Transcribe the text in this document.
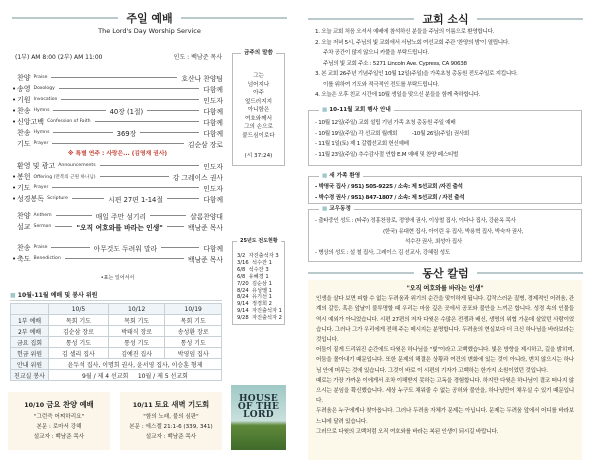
주일 예배
The Lord's Day Worship Service
(1부) AM 8:00 (2부) AM 11:00	인도 : 백남준 목사
찬양 Praise	호산나 찬양팀
• 송영 Doxology	다함께
• 기원 Invocation	인도자
• 찬송 Hymns	40장 (1절)	다함께
• 신앙고백 Confession of Faith	다함께
찬송 Hymns	369장	다함께
기도 Prayer	김순삼 장로
※ 특별 연주 : 사랑은... (김영재 권사)
환영 및 광고 Announcements	인도자
• 봉헌 Offering (만복의 근원 하나님)	강 그레이스 권사
• 기도 Prayer	인도자
• 성경봉독 Scripture	시편 27편 1-14절	다함께
찬양 Anthem	매일 주만 섬기리	샬롬찬양대
설교 Sermon	"오직 여호와를 바라는 인생"	백남준 목사
찬송 Praise	아무것도 두려워 말라	다함께
• 축도 Benediction	백남준 목사
•표는 일어서서
금주의 말씀
그는
넘어지나
아주
엎드러지지
아니함은
여호와께서
그의 손으로
붙드심이로다
(시 37:24)
25년도 전도현황
3/2  자진출석자 3
3/16  석수잔 1
6/8  석수잔 3
6/8  유혜경 1
7/20  김순삼 1
8/24  유성멜 1
8/24  유기선 1
9/14  정경희 2
9/14  자진출석자 1
9/28  자진출석자 2
■ 10월-11월 예배 및 봉사 위원
	10/5	10/12	10/19
1부 예배	목회 기도	목회 기도	목회 기도
2부 예배	김순삼 장로	박태식 장로	송성환 장로
금요 집회	통성 기도	통성 기도	통성 기도
헌금 위원	김 셀리 집사	김예진 집사	박영임 집사
안내 위원	윤두석 집사, 이명희 권사, 윤서영 집사, 이승훈 형제		
친교실 봉사	9월 / 제 4 선교회     10월 / 제 5 선교회		
10/10 금요 찬양 예배
"그런즉 어찌하리요"
본문 : 로마서 강해
설교자 : 백남준 목사
10/11 토요 새벽 기도회
"함의 노래, 불의 심판"
본문 : 에스겔 21:1-6 (339, 341)
설교자 : 백남준 목사
HOUSE OF THE LORD
교회 소식
1. 오늘 교회 처음 오셔서 예배에 참석하신 분들을 주님의 이름으로 환영합니다.
2. 오늘 저녁 5시, 주님의 빛 교회에서 서남노회 여선교회 주관 '찬양의 밤'이 열립니다.
주차 공간이 많지 않으니 카풀을 부탁드립니다.
주님의 빛 교회 주소 : 5271 Lincoln Ave. Cypress, CA 90638
3. 본 교회 26주년 기념주일인 10월 12일(주일)을 가족초청 총동원 전도주일로 지킵니다.
이를 위하여 기도와 적극적인 전도를 부탁드립니다.
4. 오늘은 오후 친교 시간에 10월 생일을 맞으신 분들을 함께 축하합니다.
■ 10-11월 교회 행사 안내
- 10월 12일(주일) 교회 설립 기념 가족 초청 총동원 주일 예배
- 10월 19일(주일) 각 선교회 월례회          -10월 26일(주일) 권사회
- 11월 1일(토) 제 1 갈렙선교회 헌신예배
- 11월 23일(주일) 추수감사절 연합 E.M 예배 및 찬양 페스티벌
■ 새 가족 환영
- 박명국 집사 / 951) 505-9225 / 소속: 제 5선교회 /자진 출석
- 박수경 권사 / 951) 847-1807 / 소속: 제 5선교회 / 자진 출석
■ 교우동정
- 출타중인 성도 : (타주) 정홍찬장로, 정영애 권사, 이상철 집사, 이다나 집사, 강윤옥 목사
(한국) 유대현 집사, 아이린 유 집사, 박용혁 집사, 박숙자 권사,
석수잔 권사, 최성아 집사
- 병상의 성도 : 설 철 집사, 그레이스 김 선교사, 강혜림 성도
동산 칼럼
"오직 여호와를 바라는 인생"

인생을 살다 보면 피할 수 없는 두려움과 위기의 순간을 맞이하게 됩니다. 갑작스러운 질병, 경제적인 어려움, 관계의 갈등, 혹은 앞날이 불투명할 때 우리는 마음 깊은 곳에서 공포와 불안을 느끼곤 합니다. 성경 속의 인물들 역시 예외가 아니었습니다. 시편 27편의 저자 다윗은 수많은 전쟁과 배신, 생명의 위협 가운데 살았던 사람이었습니다. 그러나 그가 우리에게 전해 주는 메시지는 분명합니다. 두려움의 현실보다 더 크신 하나님을 바라보라는 것입니다.

어둠이 짙게 드리워진 순간에도 다윗은 하나님을 "빛"이라고 고백했습니다. 빛은 방향을 제시하고, 길을 밝히며, 어둠을 몰아내기 때문입니다. 또한 문제의 해결은 상황과 여건의 변화에 있는 것이 아니라, 변치 않으시는 하나님 안에 머무는 것에 있습니다. 그것이 바로 이 시편의 기자가 고백하는 한가지 소원이었던 것입니다.

때로는 가장 가까운 이에게서 조차 이해받지 못하는 고독을 경험합니다. 하지만 다윗은 하나님이 결코 떠나지 않으시는 분임을 확신했습니다. 세상 누구도 채워줄 수 없는 공허와 불안을, 하나님만이 채우실 수 있기 때문입니다.

두려움은 누구에게나 찾아옵니다. 그러나 두려움 자체가 문제는 아닙니다. 문제는 두려움 앞에서 어디를 바라보느냐에 달려 있습니다.

그러므로 다윗의 고백처럼 오직 여호와를 바라는 복된 인생이 되시길 바랍니다.
